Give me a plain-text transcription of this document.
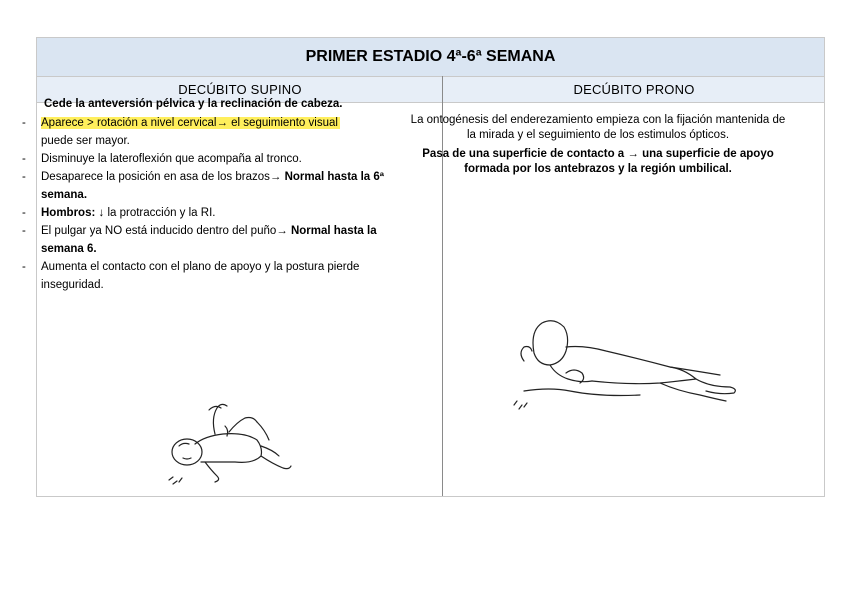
PRIMER ESTADIO 4ª-6ª SEMANA
DECÚBITO SUPINO	DECÚBITO PRONO
Cede la anteversión pélvica y la reclinación de cabeza.
- Aparece > rotación a nivel cervical→ el seguimiento visual
puede ser mayor.
- Disminuye la lateroflexión que acompaña al tronco.
- Desaparece la posición en asa de los brazos→ Normal hasta la 6ª semana.
- Hombros: ↓ la protracción y la RI.
- El pulgar ya NO está inducido dentro del puño→ Normal hasta la semana 6.
- Aumenta el contacto con el plano de apoyo y la postura pierde inseguridad.

La ontogénesis del enderezamiento empieza con la fijación mantenida de la mirada y el seguimiento de los estimulos ópticos.

Pasa de una superficie de contacto a → una superficie de apoyo formada por los antebrazos y la región umbilical.
